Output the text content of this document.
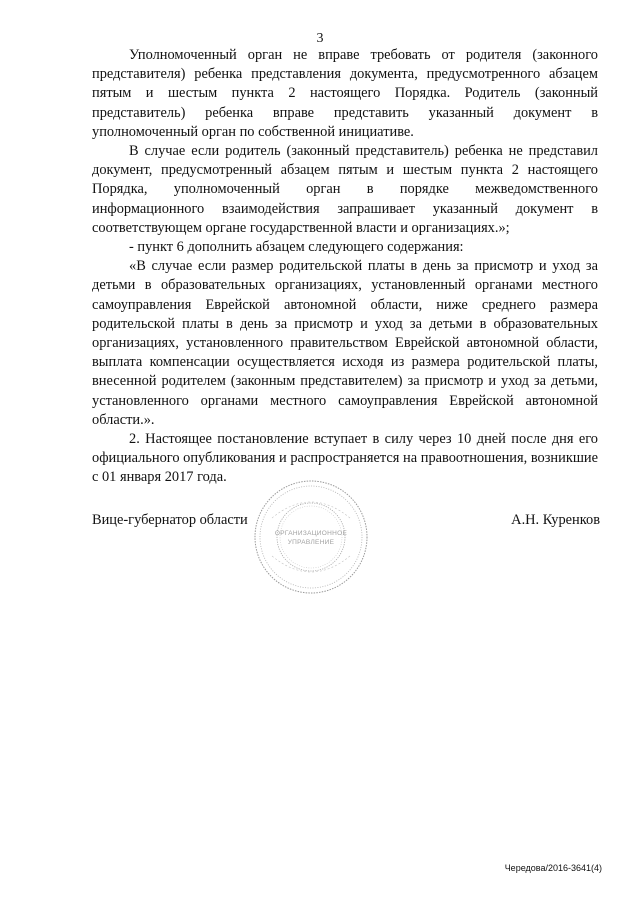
3

Уполномоченный орган не вправе требовать от родителя (законного представителя) ребенка представления документа, предусмотренного абзацем пятым и шестым пункта 2 настоящего Порядка. Родитель (законный представитель) ребенка вправе представить указанный документ в уполномоченный орган по собственной инициативе.

В случае если родитель (законный представитель) ребенка не представил документ, предусмотренный абзацем пятым и шестым пункта 2 настоящего Порядка, уполномоченный орган в порядке межведомственного информационного взаимодействия запрашивает указанный документ в соответствующем органе государственной власти и организациях.»;

- пункт 6 дополнить абзацем следующего содержания:

«В случае если размер родительской платы в день за присмотр и уход за детьми в образовательных организациях, установленный органами местного самоуправления Еврейской автономной области, ниже среднего размера родительской платы в день за присмотр и уход за детьми в образовательных организациях, установленного правительством Еврейской автономной области, выплата компенсации осуществляется исходя из размера родительской платы, внесенной родителем (законным представителем) за присмотр и уход за детьми, установленного органами местного самоуправления Еврейской автономной области.».

2. Настоящее постановление вступает в силу через 10 дней после дня его официального опубликования и распространяется на правоотношения, возникшие с 01 января 2017 года.

Вице-губернатор области
ОРГАНИЗАЦИОННОЕ
УПРАВЛЕНИЕ
А.Н. Куренков
Чередова/2016-3641(4)
